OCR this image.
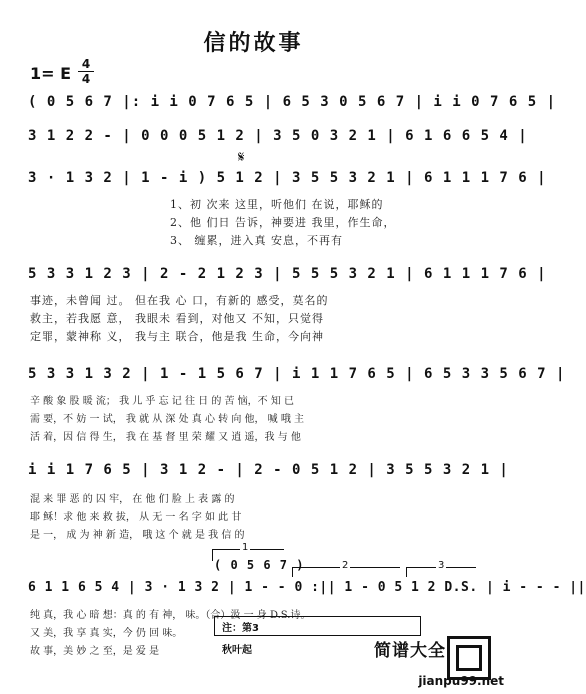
信的故事
1= E 4
4
( 0 5 6 7 |: i i 0 7 6 5 | 6 5 3 0 5 6 7 | i i 0 7 6 5 |
3 1 2 2 - | 0 0 0 5 1 2 | 3 5 0 3 2 1 | 6 1 6 6 5 4 |
𝄋
3 · 1 3 2 | 1 - i ) 5 1 2 | 3 5 5 3 2 1 | 6 1 1 1 7 6 |
1、初 次来 这里，听他们 在说，耶稣的
2、他 们日 告诉，神要进 我里，作生命，
3、 缠累，进入真 安息，不再有
5 3 3 1 2 3 | 2 - 2 1 2 3 | 5 5 5 3 2 1 | 6 1 1 1 7 6 |
事迹，未曾闻 过。 但在我 心 口，有新的 感受，莫名的
救主，若我愿 意， 我眼未 看到，对他又 不知，只觉得
定罪，蒙神称 义， 我与主 联合，他是我 生命，今向神
5 3 3 1 3 2 | 1 - 1 5 6 7 | i 1 1 7 6 5 | 6 5 3 3 5 6 7 |
辛 酸 象 股 暖 流； 我 儿 乎 忘 记 往 日 的 苦 恼，不 知 已
需 要，不 妨 一 试， 我 就 从 深 处 真 心 转 向 他， 喊 哦 主
活 着，因 信 得 生， 我 在 基 督 里 荣 耀 又 逍 遥，我 与 他
i i 1 7 6 5 | 3 1 2 - | 2 - 0 5 1 2 | 3 5 5 3 2 1 |
混 来 罪 恶 的 囚 牢， 在 他 们 脸 上 表 露 的
耶 稣！求 他 来 救 拔， 从 无 一 名 字 如 此 甘
是 一， 成 为 神 新 造， 哦 这 个 就 是 我 信 的
1
( 0 5 6 7 )	2	3
6 1 1 6 5 4 | 3 · 1 3 2 | 1 - - 0 :|| 1 - 0 5 1 2 D.S. | i - - - ||
纯 真，我 心 暗 想：真 的 有 神， 味。（合）汲 一 身 D.S.诗。
又 美，我 享 真 实，今 仍 回 味。
故 事，美 妙 之 至，是 爱 是
注：第3
秋叶起	简谱大全
jianpu99.net
